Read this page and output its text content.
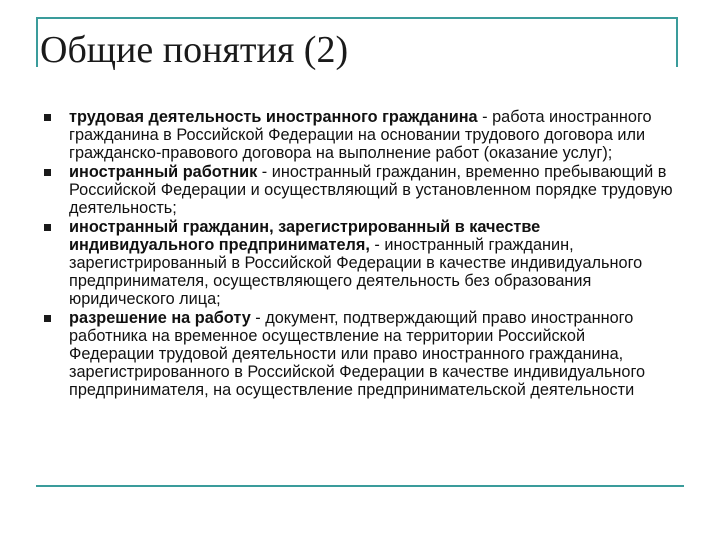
Общие понятия (2)
трудовая деятельность иностранного гражданина - работа иностранного гражданина в Российской Федерации на основании трудового договора или гражданско-правового договора на выполнение работ (оказание услуг);
иностранный работник - иностранный гражданин, временно пребывающий в Российской Федерации и осуществляющий в установленном порядке трудовую деятельность;
иностранный гражданин, зарегистрированный в качестве индивидуального предпринимателя, - иностранный гражданин, зарегистрированный в Российской Федерации в качестве индивидуального предпринимателя, осуществляющего деятельность без образования юридического лица;
разрешение на работу - документ, подтверждающий право иностранного работника на временное осуществление на территории Российской Федерации трудовой деятельности или право иностранного гражданина, зарегистрированного в Российской Федерации в качестве индивидуального предпринимателя, на осуществление предпринимательской деятельности
